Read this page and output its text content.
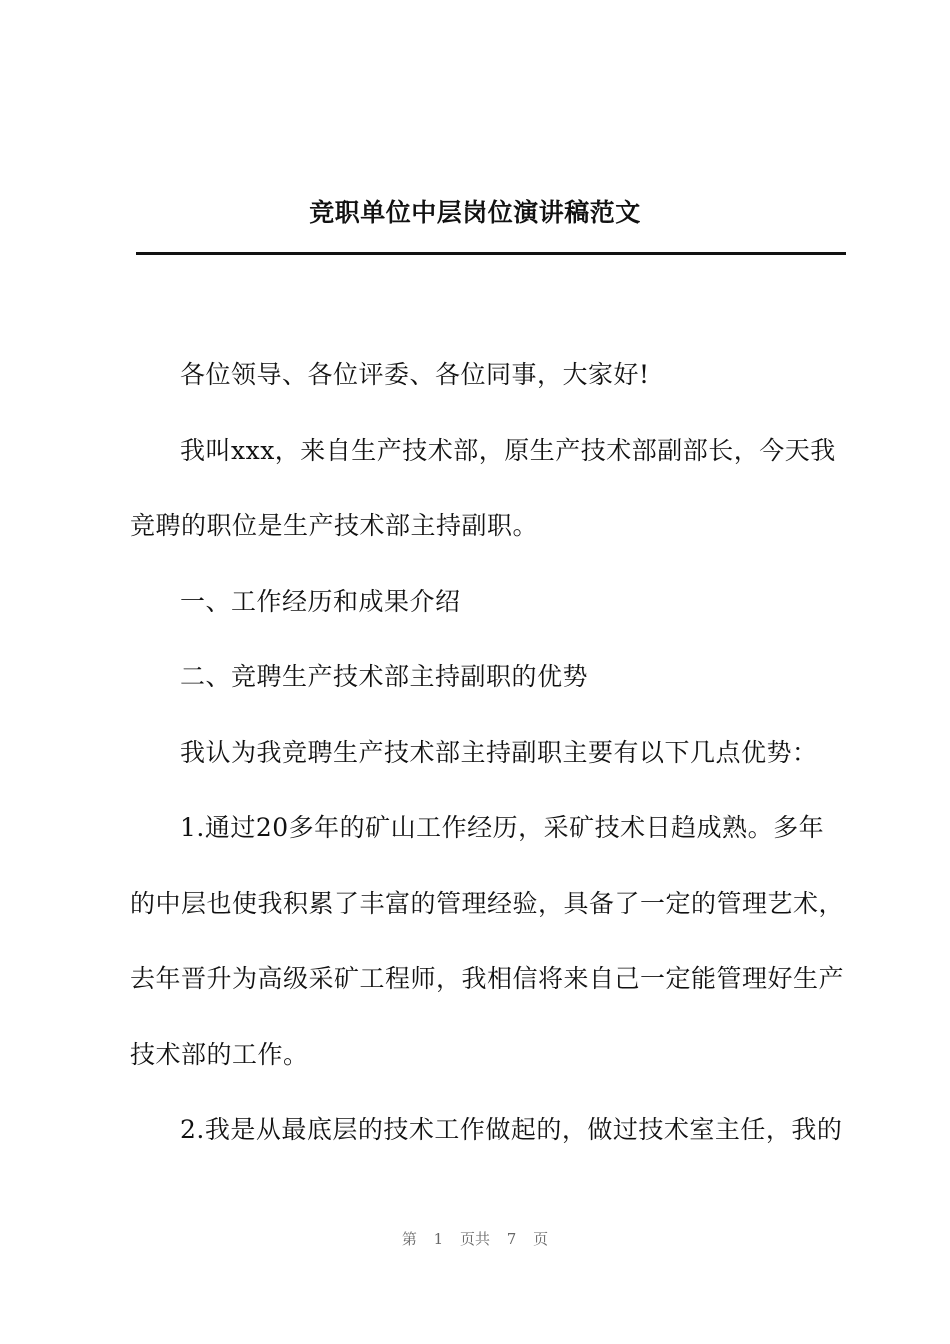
竞职单位中层岗位演讲稿范文

各位领导、各位评委、各位同事，大家好!

我叫xxx，来自生产技术部，原生产技术部副部长，今天我竞聘的职位是生产技术部主持副职。

一、工作经历和成果介绍

二、竞聘生产技术部主持副职的优势

我认为我竞聘生产技术部主持副职主要有以下几点优势：

1.通过20多年的矿山工作经历，采矿技术日趋成熟。多年的中层也使我积累了丰富的管理经验，具备了一定的管理艺术，去年晋升为高级采矿工程师，我相信将来自己一定能管理好生产技术部的工作。

2.我是从最底层的技术工作做起的，做过技术室主任，我的

第 1 页共 7 页
